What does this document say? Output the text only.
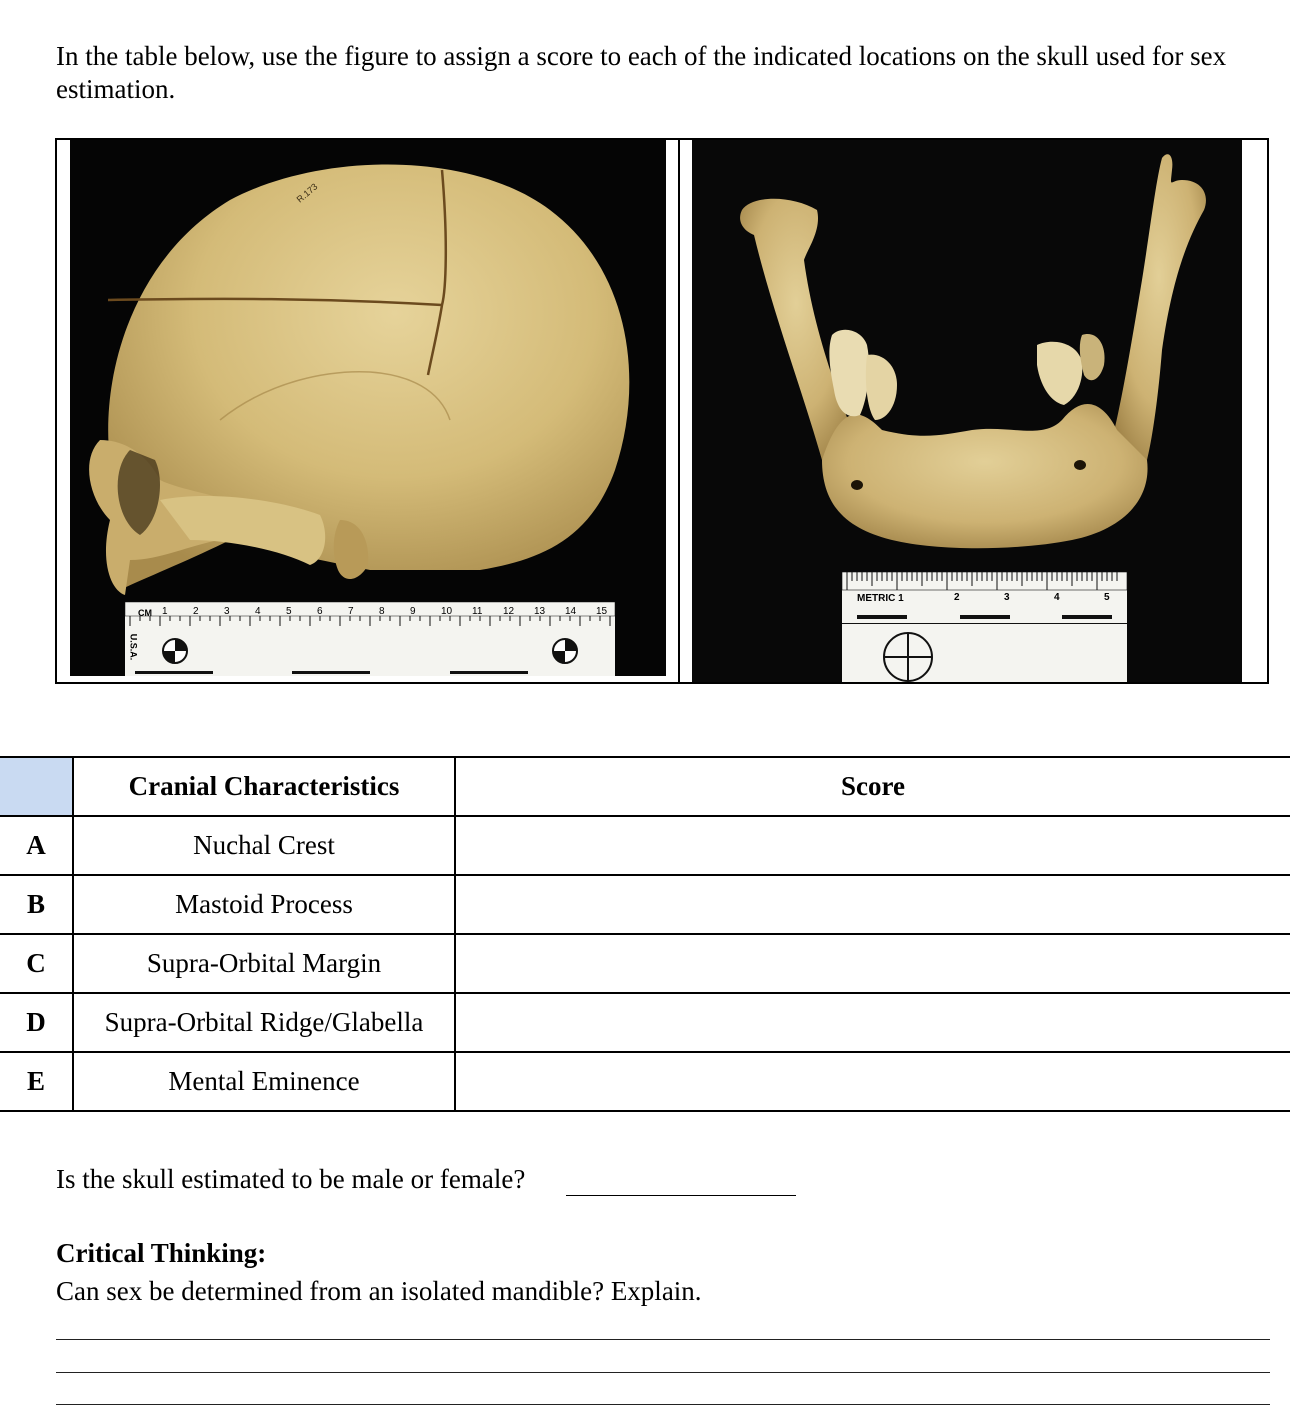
In the table below, use the figure to assign a score to each of the indicated locations on the skull used for sex estimation.

CM
U.S.A.
R.173
1	2	3	4	5	6	7	8	9	10 11 12 13 14 15
METRIC 1	2	3	4	5
	Cranial Characteristics	Score
A	Nuchal Crest	
B	Mastoid Process	
C	Supra-Orbital Margin	
D	Supra-Orbital Ridge/Glabella	
E	Mental Eminence	

Is the skull estimated to be male or female?

Critical Thinking:

Can sex be determined from an isolated mandible? Explain.
